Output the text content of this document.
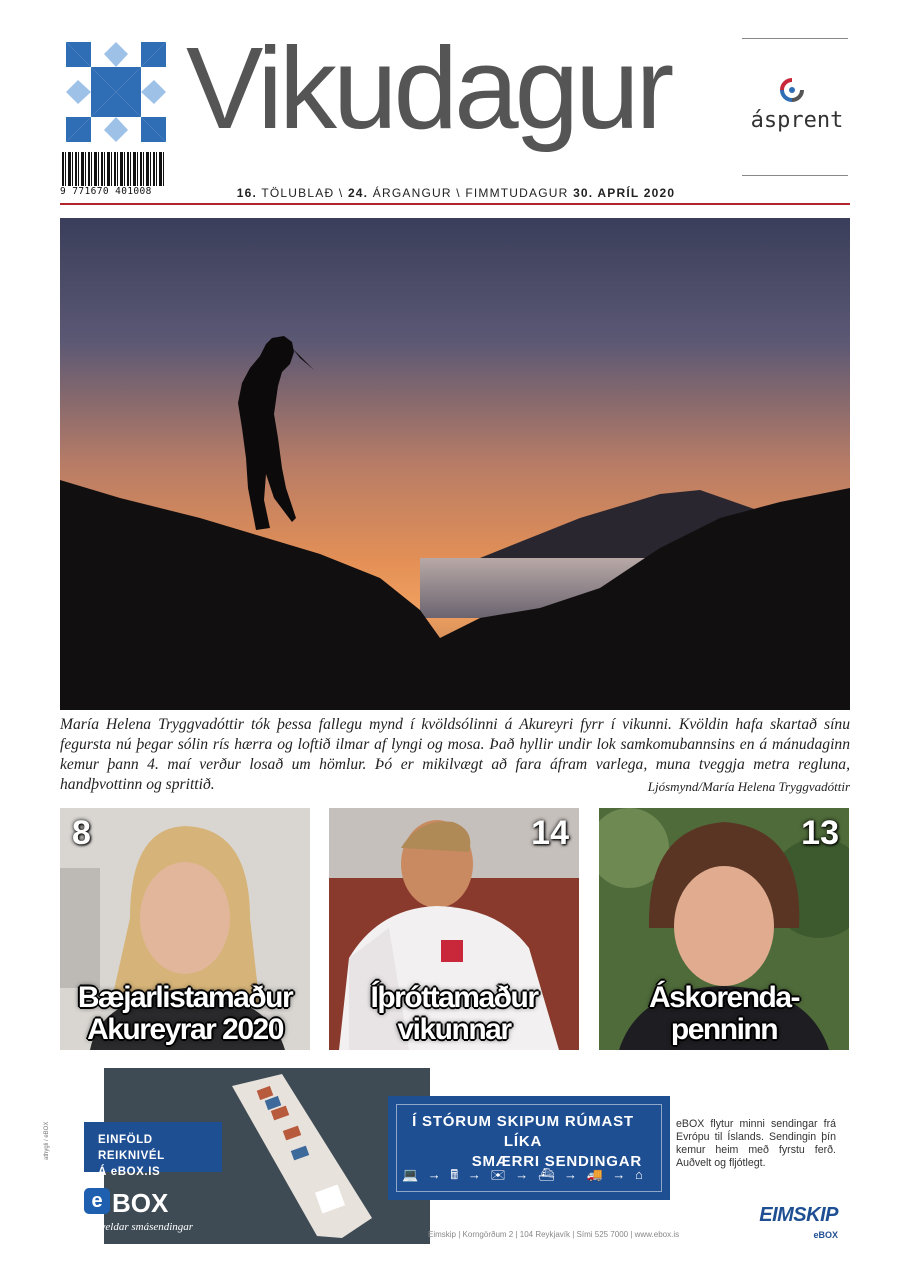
9 771670 401008
Vikudagur	ásprent
16. TÖLUBLAÐ \ 24. ÁRGANGUR \ FIMMTUDAGUR 30. APRÍL 2020
María Helena Tryggvadóttir tók þessa fallegu mynd í kvöldsólinni á Akureyri fyrr í vikunni. Kvöldin hafa skartað sínu fegursta nú þegar sólin rís hærra og loftið ilmar af lyngi og mosa. Það hyllir undir lok samkomubannsins en á mánudaginn kemur þann 4. maí verður losað um hömlur. Þó er mikilvægt að fara áfram varlega, muna tveggja metra regluna, handþvottinn og sprittið.	Ljósmynd/María Helena Tryggvadóttir
8
Bæjarlistamaður
Akureyrar 2020
14
Íþróttamaður
vikunnar
13
Áskorenda-
penninn
EINFÖLD REIKNIVÉL
Á eBOX.IS
e BOX
auðveldar smásendingar
Í STÓRUM SKIPUM RÚMAST LÍKA
SMÆRRI SENDINGAR
💻 → 🖩 → ✉ → ⛴ → 🚚 → ⌂
eBOX flytur minni sendingar frá Evrópu til Íslands. Sendingin þín kemur heim með fyrstu ferð. Auðvelt og fljótlegt.
Eimskip | Korngörðum 2 | 104 Reykjavík | Sími 525 7000 | www.ebox.is
EIMSKIP
eBOX
athygli / eBOX
